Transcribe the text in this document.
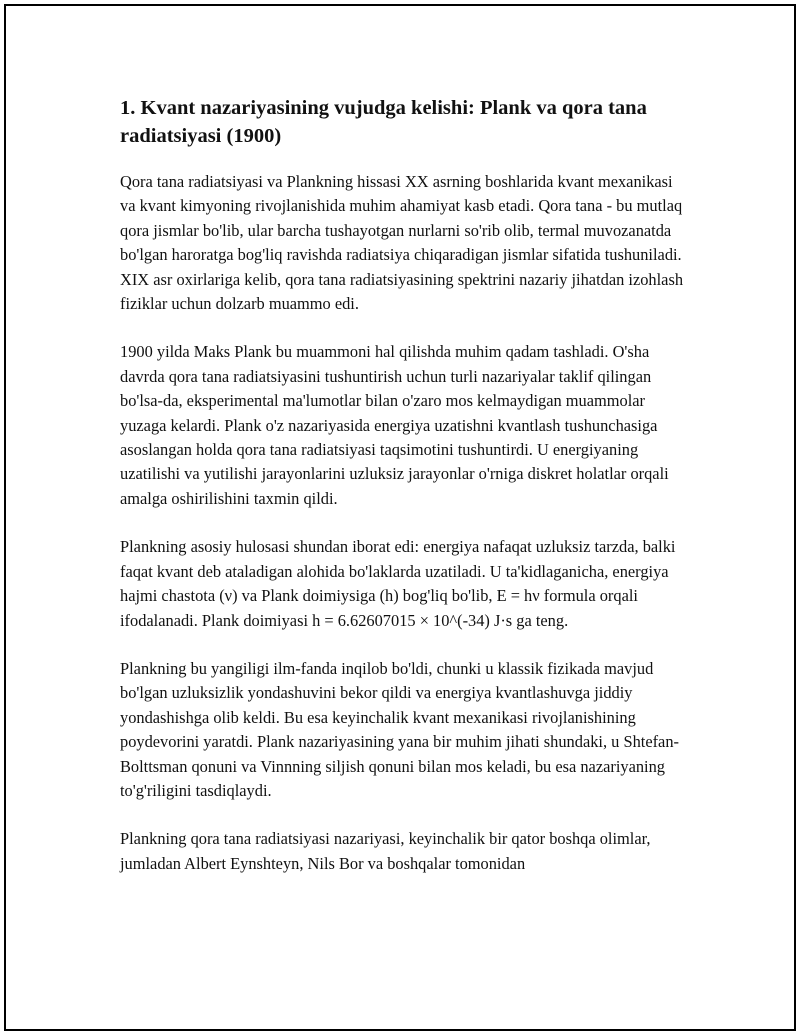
1. Kvant nazariyasining vujudga kelishi: Plank va qora tana radiatsiyasi (1900)

Qora tana radiatsiyasi va Plankning hissasi XX asrning boshlarida kvant mexanikasi va kvant kimyoning rivojlanishida muhim ahamiyat kasb etadi. Qora tana - bu mutlaq qora jismlar bo'lib, ular barcha tushayotgan nurlarni so'rib olib, termal muvozanatda bo'lgan haroratga bog'liq ravishda radiatsiya chiqaradigan jismlar sifatida tushuniladi. XIX asr oxirlariga kelib, qora tana radiatsiyasining spektrini nazariy jihatdan izohlash fiziklar uchun dolzarb muammo edi.

1900 yilda Maks Plank bu muammoni hal qilishda muhim qadam tashladi. O'sha davrda qora tana radiatsiyasini tushuntirish uchun turli nazariyalar taklif qilingan bo'lsa-da, eksperimental ma'lumotlar bilan o'zaro mos kelmaydigan muammolar yuzaga kelardi. Plank o'z nazariyasida energiya uzatishni kvantlash tushunchasiga asoslangan holda qora tana radiatsiyasi taqsimotini tushuntirdi. U energiyaning uzatilishi va yutilishi jarayonlarini uzluksiz jarayonlar o'rniga diskret holatlar orqali amalga oshirilishini taxmin qildi.

Plankning asosiy hulosasi shundan iborat edi: energiya nafaqat uzluksiz tarzda, balki faqat kvant deb ataladigan alohida bo'laklarda uzatiladi. U ta'kidlaganicha, energiya hajmi chastota (ν) va Plank doimiysiga (h) bog'liq bo'lib, E = hν formula orqali ifodalanadi. Plank doimiyasi h = 6.62607015 × 10^(-34) J·s ga teng.

Plankning bu yangiligi ilm-fanda inqilob bo'ldi, chunki u klassik fizikada mavjud bo'lgan uzluksizlik yondashuvini bekor qildi va energiya kvantlashuvga jiddiy yondashishga olib keldi. Bu esa keyinchalik kvant mexanikasi rivojlanishining poydevorini yaratdi. Plank nazariyasining yana bir muhim jihati shundaki, u Shtefan-Bolttsman qonuni va Vinnning siljish qonuni bilan mos keladi, bu esa nazariyaning to'g'riligini tasdiqlaydi.

Plankning qora tana radiatsiyasi nazariyasi, keyinchalik bir qator boshqa olimlar, jumladan Albert Eynshteyn, Nils Bor va boshqalar tomonidan
